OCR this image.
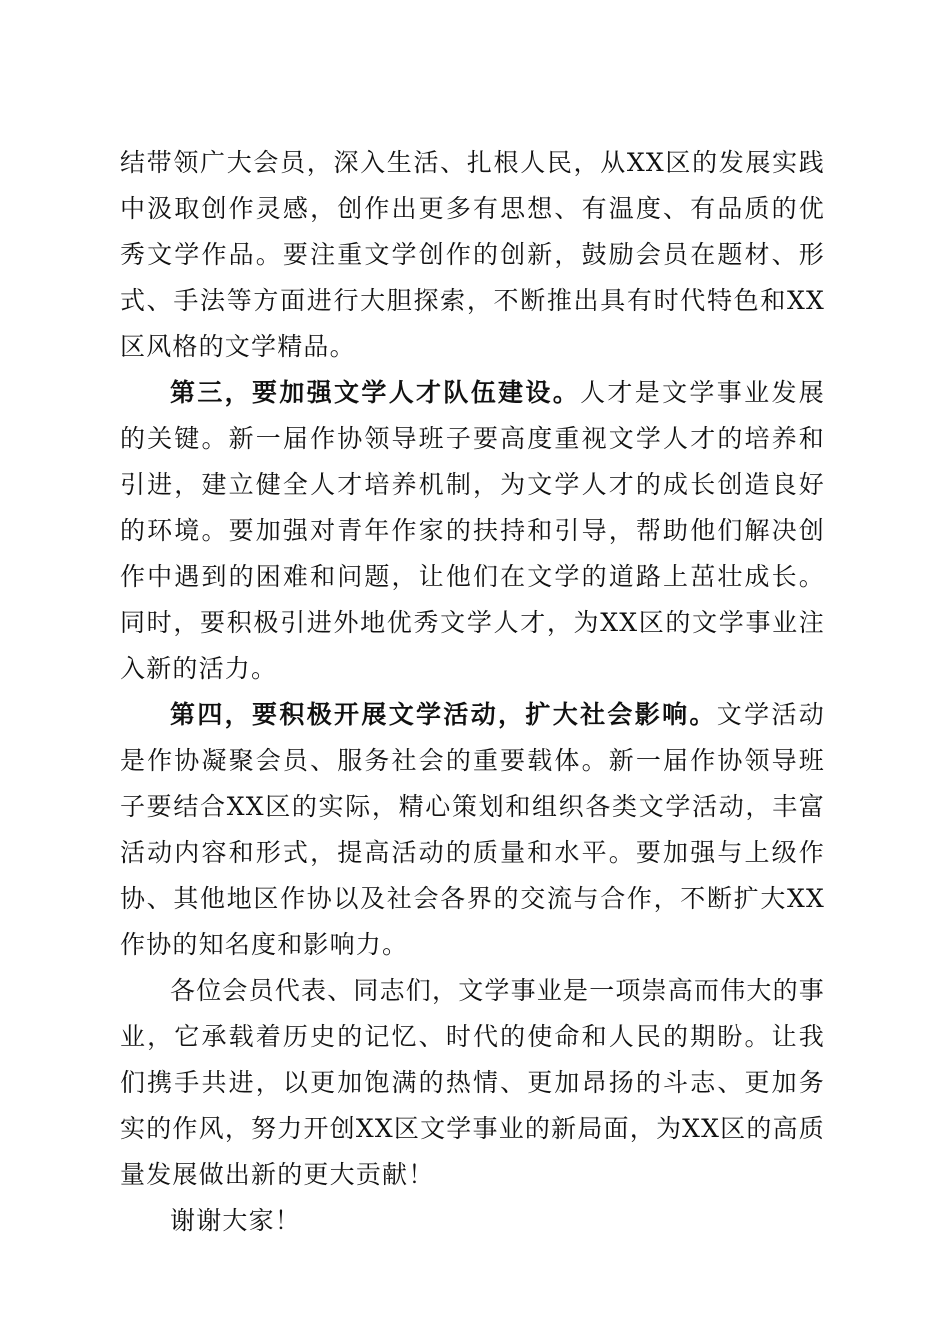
结带领广大会员，深入生活、扎根人民，从XX区的发展实践中汲取创作灵感，创作出更多有思想、有温度、有品质的优秀文学作品。要注重文学创作的创新，鼓励会员在题材、形式、手法等方面进行大胆探索，不断推出具有时代特色和XX区风格的文学精品。

第三，要加强文学人才队伍建设。人才是文学事业发展的关键。新一届作协领导班子要高度重视文学人才的培养和引进，建立健全人才培养机制，为文学人才的成长创造良好的环境。要加强对青年作家的扶持和引导，帮助他们解决创作中遇到的困难和问题，让他们在文学的道路上茁壮成长。同时，要积极引进外地优秀文学人才，为XX区的文学事业注入新的活力。

第四，要积极开展文学活动，扩大社会影响。文学活动是作协凝聚会员、服务社会的重要载体。新一届作协领导班子要结合XX区的实际，精心策划和组织各类文学活动，丰富活动内容和形式，提高活动的质量和水平。要加强与上级作协、其他地区作协以及社会各界的交流与合作，不断扩大XX作协的知名度和影响力。

各位会员代表、同志们，文学事业是一项崇高而伟大的事业，它承载着历史的记忆、时代的使命和人民的期盼。让我们携手共进，以更加饱满的热情、更加昂扬的斗志、更加务实的作风，努力开创XX区文学事业的新局面，为XX区的高质量发展做出新的更大贡献！

谢谢大家！
